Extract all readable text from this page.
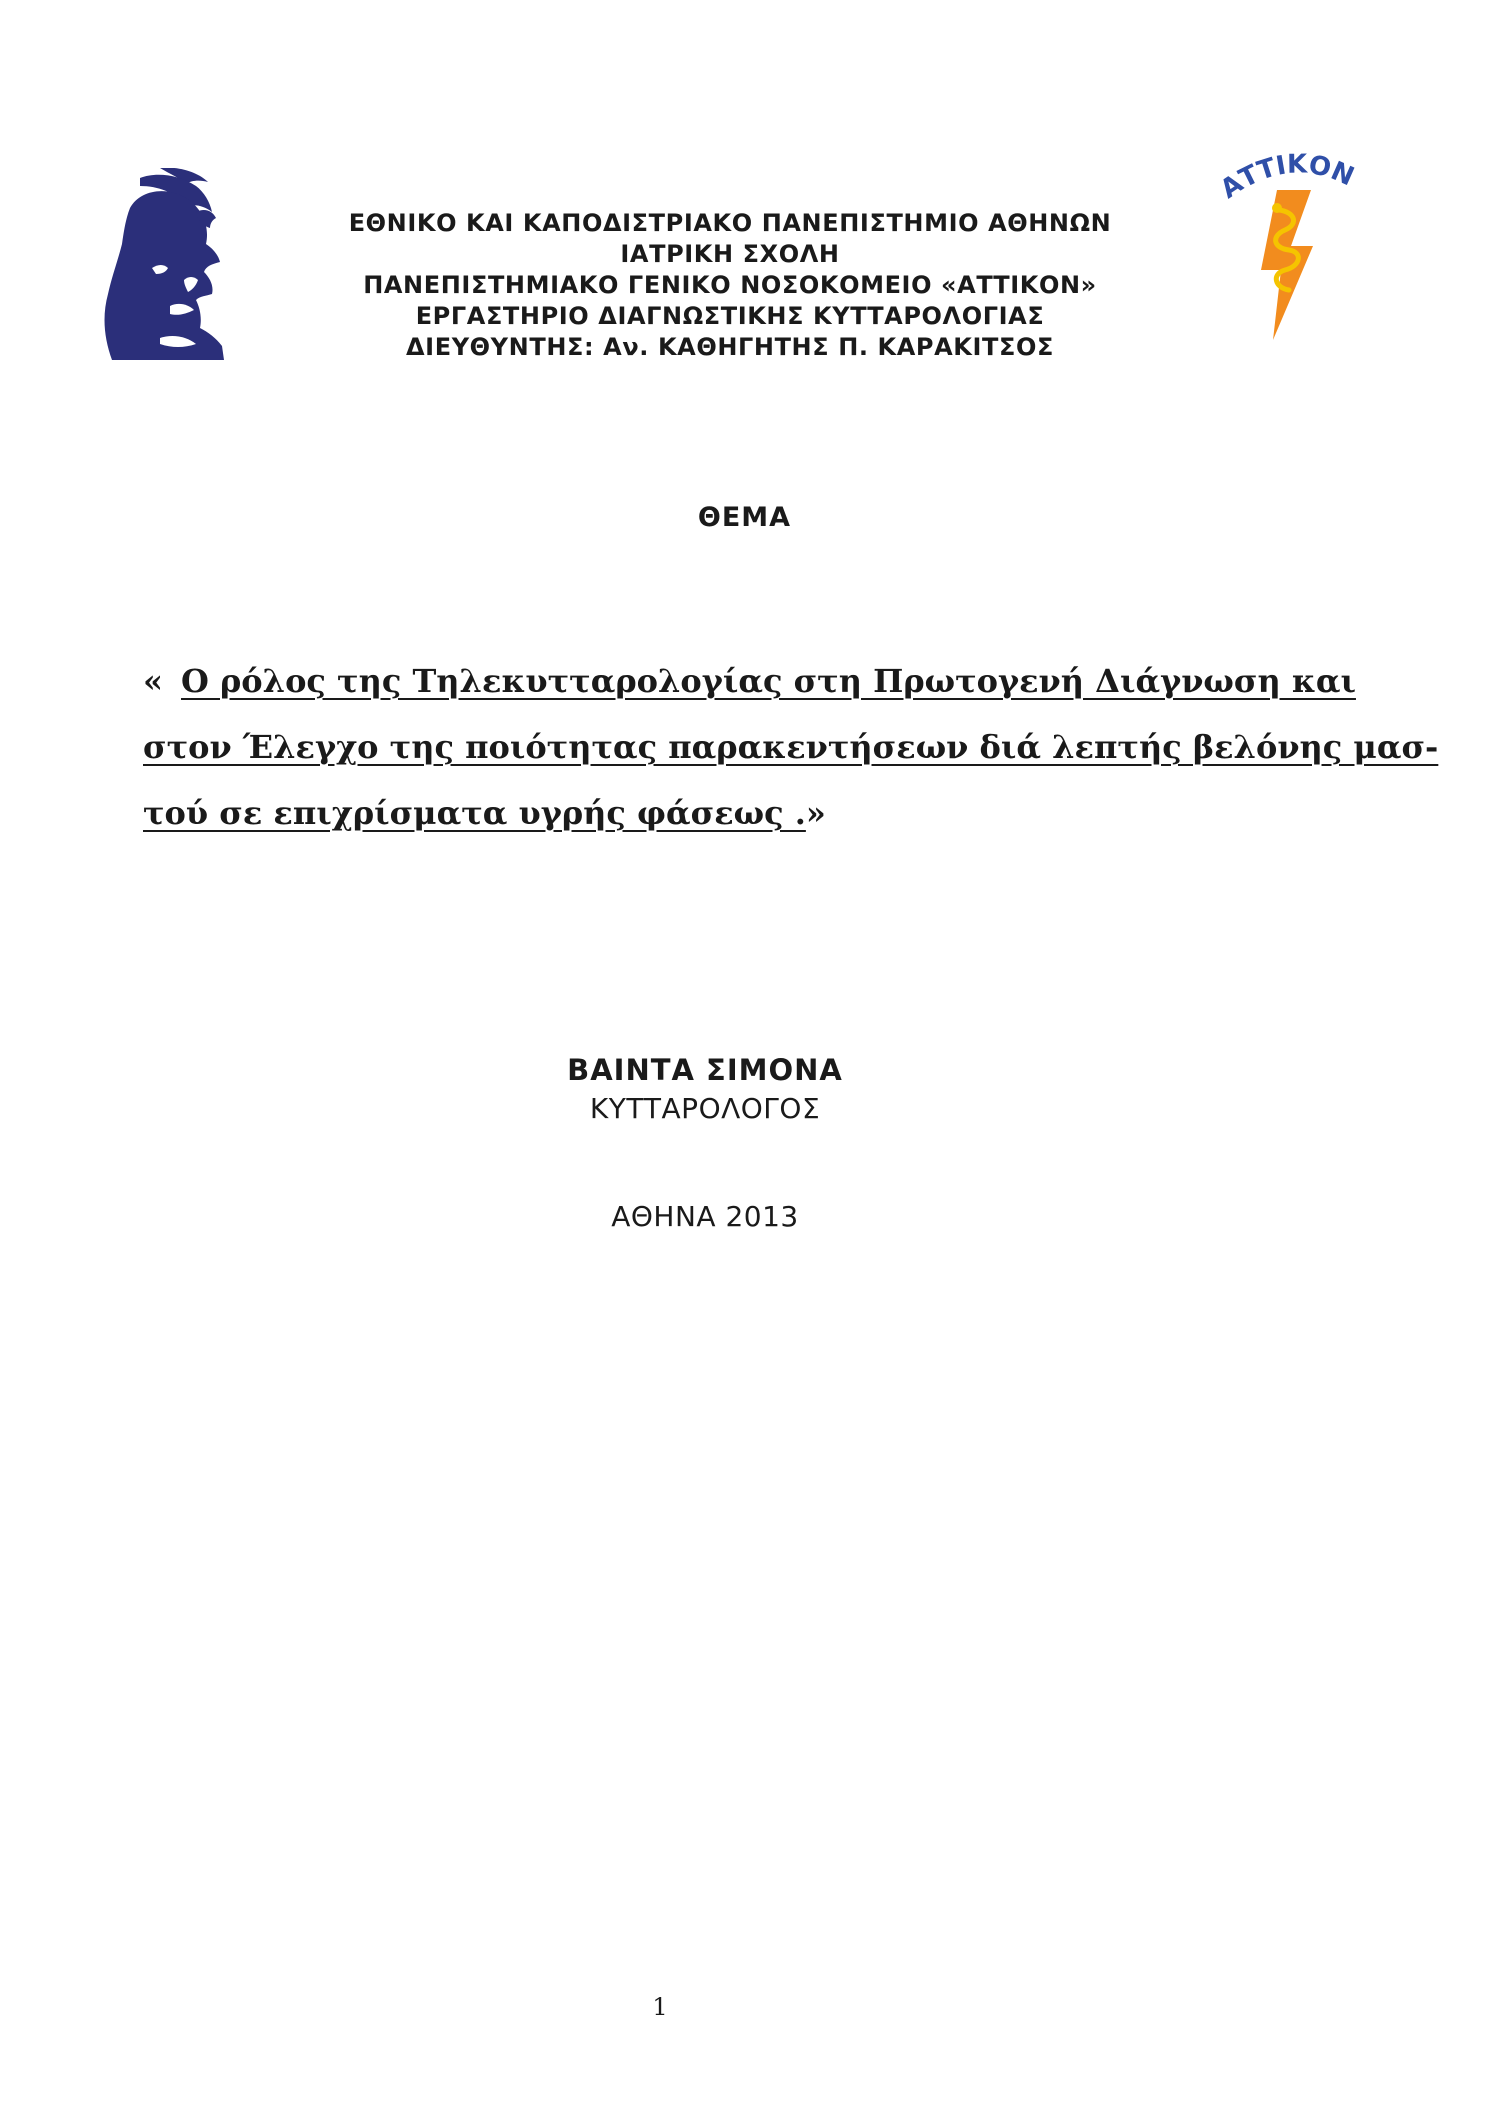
ΕΘΝΙΚΟ ΚΑΙ ΚΑΠΟΔΙΣΤΡΙΑΚΟ ΠΑΝΕΠΙΣΤΗΜΙΟ ΑΘΗΝΩΝ
ΙΑΤΡΙΚΗ ΣΧΟΛΗ
ΠΑΝΕΠΙΣΤΗΜΙΑΚΟ ΓΕΝΙΚΟ ΝΟΣΟΚΟΜΕΙΟ «ΑΤΤΙΚΟΝ»
ΕΡΓΑΣΤΗΡΙΟ ΔΙΑΓΝΩΣΤΙΚΗΣ ΚΥΤΤΑΡΟΛΟΓΙΑΣ
ΔΙΕΥΘΥΝΤΗΣ: Αν. ΚΑΘΗΓΗΤΗΣ Π. ΚΑΡΑΚΙΤΣΟΣ
ΑΤΤΙΚΟΝ
ΘΕΜΑ
« Ο ρόλος της Τηλεκυτταρολογίας στη Πρωτογενή Διάγνωση και
στον Έλεγχο της ποιότητας παρακεντήσεων διά λεπτής βελόνης μασ-
τού σε επιχρίσματα υγρής φάσεως . »
ΒΑΙΝΤΑ ΣΙΜΟΝΑ
ΚΥΤΤΑΡΟΛΟΓΟΣ
ΑΘΗΝΑ 2013
1
